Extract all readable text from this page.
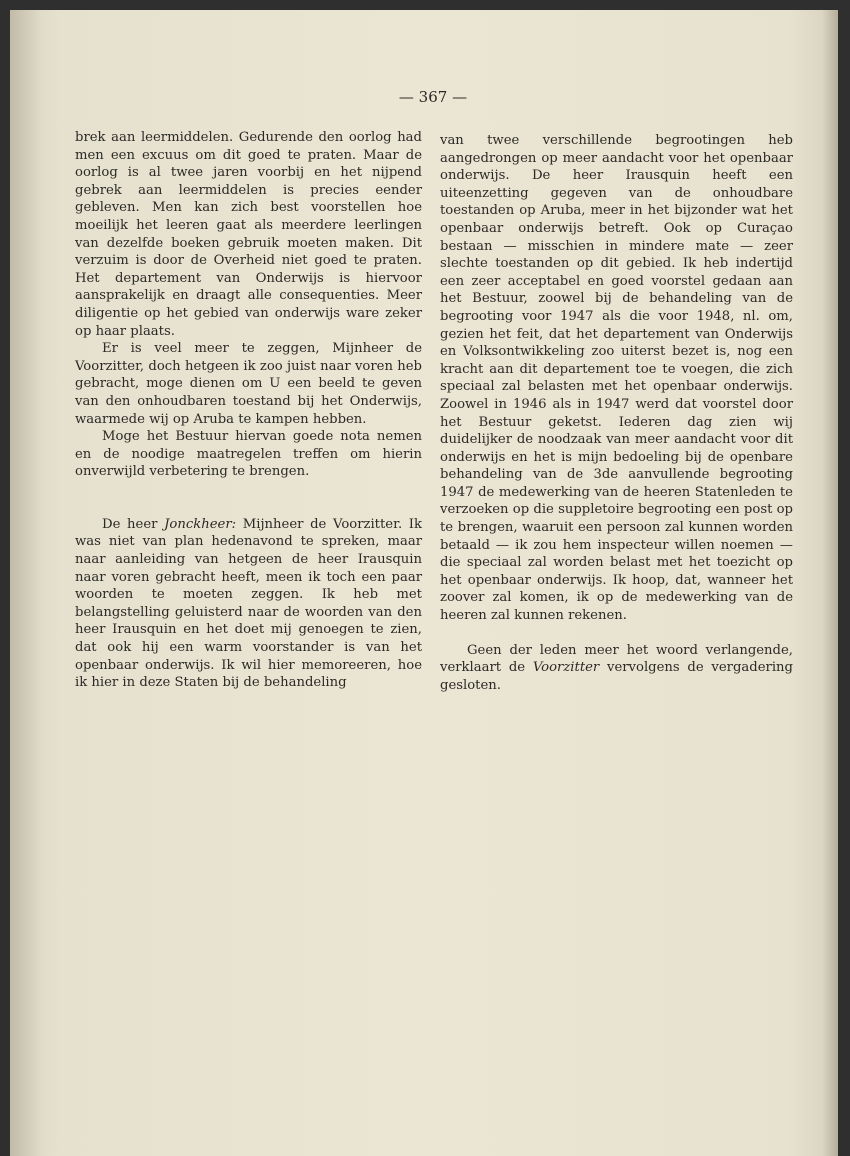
— 367 —

brek aan leermiddelen. Gedurende den oorlog had men een excuus om dit goed te praten. Maar de oorlog is al twee jaren voorbij en het nijpend gebrek aan leermiddelen is precies eender gebleven. Men kan zich best voorstellen hoe moeilijk het leeren gaat als meerdere leerlingen van dezelfde boeken gebruik moeten maken. Dit verzuim is door de Overheid niet goed te praten. Het departement van Onderwijs is hiervoor aansprakelijk en draagt alle consequenties. Meer diligentie op het gebied van onderwijs ware zeker op haar plaats.

Er is veel meer te zeggen, Mijnheer de Voorzitter, doch hetgeen ik zoo juist naar voren heb gebracht, moge dienen om U een beeld te geven van den onhoudbaren toestand bij het Onderwijs, waarmede wij op Aruba te kampen hebben.

Moge het Bestuur hiervan goede nota nemen en de noodige maatregelen treffen om hierin onverwijld verbetering te brengen.

De heer Jonckheer: Mijnheer de Voorzitter. Ik was niet van plan hedenavond te spreken, maar naar aanleiding van hetgeen de heer Irausquin naar voren gebracht heeft, meen ik toch een paar woorden te moeten zeggen. Ik heb met belangstelling geluisterd naar de woorden van den heer Irausquin en het doet mij genoegen te zien, dat ook hij een warm voorstander is van het openbaar onderwijs. Ik wil hier memoreeren, hoe ik hier in deze Staten bij de behandeling

van twee verschillende begrootingen heb aangedrongen op meer aandacht voor het openbaar onderwijs. De heer Irausquin heeft een uiteenzetting gegeven van de onhoudbare toestanden op Aruba, meer in het bijzonder wat het openbaar onderwijs betreft. Ook op Curaçao bestaan — misschien in mindere mate — zeer slechte toestanden op dit gebied. Ik heb indertijd een zeer acceptabel en goed voorstel gedaan aan het Bestuur, zoowel bij de behandeling van de begrooting voor 1947 als die voor 1948, nl. om, gezien het feit, dat het departement van Onderwijs en Volksontwikkeling zoo uiterst bezet is, nog een kracht aan dit departement toe te voegen, die zich speciaal zal belasten met het openbaar onderwijs. Zoowel in 1946 als in 1947 werd dat voorstel door het Bestuur geketst. Iederen dag zien wij duidelijker de noodzaak van meer aandacht voor dit onderwijs en het is mijn bedoeling bij de openbare behandeling van de 3de aanvullende begrooting 1947 de medewerking van de heeren Statenleden te verzoeken op die suppletoire begrooting een post op te brengen, waaruit een persoon zal kunnen worden betaald — ik zou hem inspecteur willen noemen — die speciaal zal worden belast met het toezicht op het openbaar onderwijs. Ik hoop, dat, wanneer het zoover zal komen, ik op de medewerking van de heeren zal kunnen rekenen.

Geen der leden meer het woord verlangende, verklaart de Voorzitter vervolgens de vergadering gesloten.
